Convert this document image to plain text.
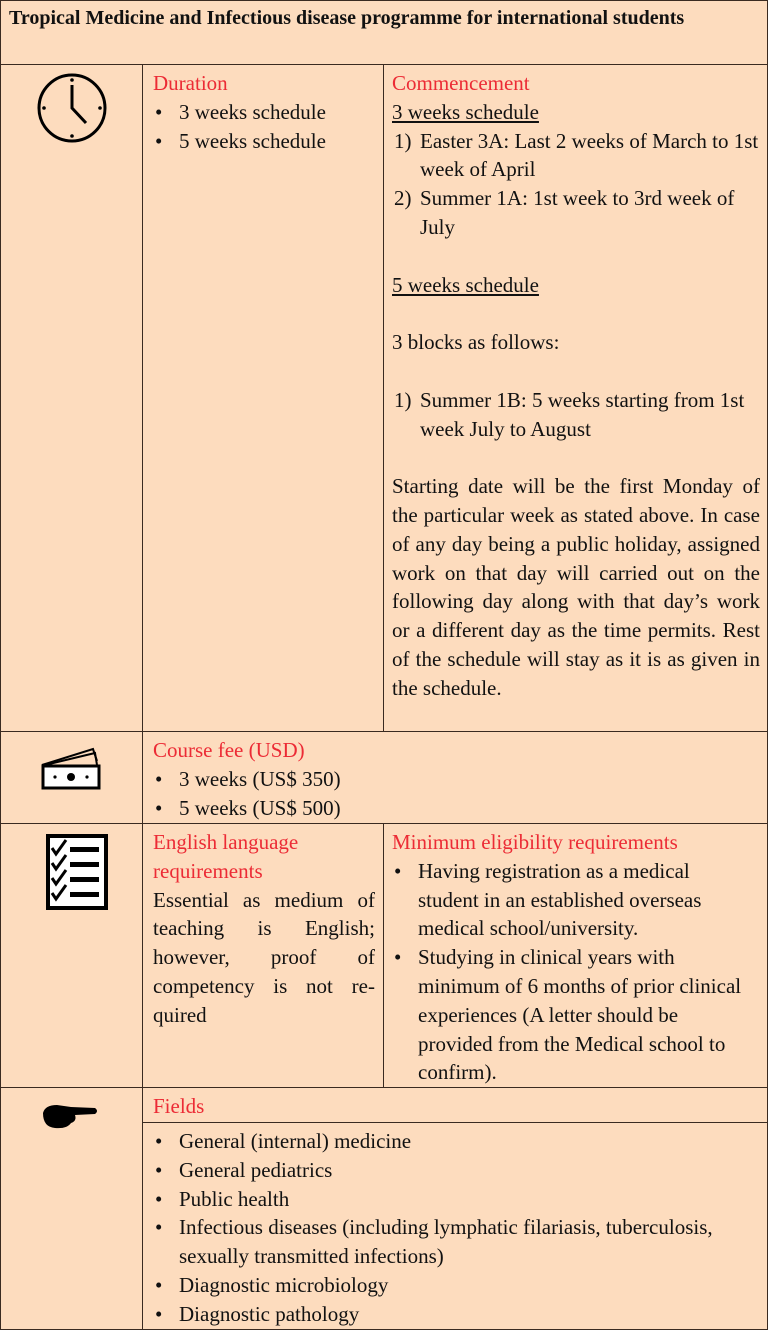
Tropical Medicine and Infectious disease programme for international students
Duration
• 3 weeks schedule
• 5 weeks schedule
Commencement
3 weeks schedule
1) Easter 3A: Last 2 weeks of March to 1st week of April
2) Summer 1A: 1st week to 3rd week of July
5 weeks schedule
3 blocks as follows:
1) Summer 1B: 5 weeks starting from 1st week July to August
Starting date will be the first Monday of the particular week as stated above. In case of any day being a public holiday, assigned work on that day will carried out on the following day along with that day’s work or a different day as the time permits. Rest of the schedule will stay as it is as given in the schedule.
Course fee (USD)
• 3 weeks (US$ 350)
• 5 weeks (US$ 500)
English language requirements
Essential as medium of teaching is English; however, proof of competency is not required
Minimum eligibility requirements
• Having registration as a medical student in an established overseas medical school/university.
• Studying in clinical years with minimum of 6 months of prior clinical experiences (A letter should be provided from the Medical school to confirm).
Fields
• General (internal) medicine
• General pediatrics
• Public health
• Infectious diseases (including lymphatic filariasis, tuberculosis, sexually transmitted infections)
• Diagnostic microbiology
• Diagnostic pathology
